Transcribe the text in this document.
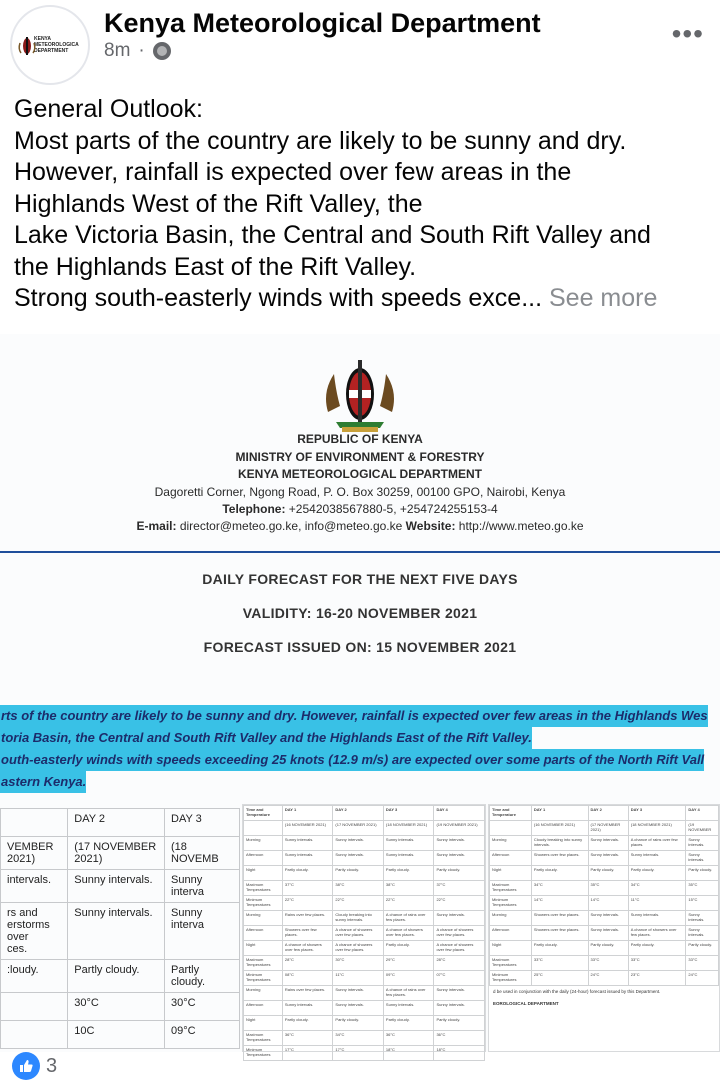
KENYA
METEOROLOGICA
DEPARTMENT
Kenya Meteorological Department
8m ·
•••

General Outlook:

Most parts of the country are likely to be sunny and dry.

However, rainfall is expected over few areas in the

Highlands West of the Rift Valley, the

Lake Victoria Basin, the Central and South Rift Valley and

the Highlands East of the Rift Valley.

Strong south-easterly winds with speeds exce... See more

REPUBLIC OF KENYA
MINISTRY OF ENVIRONMENT & FORESTRY
KENYA METEOROLOGICAL DEPARTMENT
Dagoretti Corner, Ngong Road, P. O. Box 30259, 00100 GPO, Nairobi, Kenya
Telephone: +2542038567880-5, +254724255153-4
E-mail: director@meteo.go.ke, info@meteo.go.ke Website: http://www.meteo.go.ke
DAILY FORECAST FOR THE NEXT FIVE DAYS
VALIDITY: 16-20 NOVEMBER 2021
FORECAST ISSUED ON: 15 NOVEMBER 2021
rts of the country are likely to be sunny and dry. However, rainfall is expected over few areas in the Highlands Wes
toria Basin, the Central and South Rift Valley and the Highlands East of the Rift Valley.
outh-easterly winds with speeds exceeding 25 knots (12.9 m/s) are expected over some parts of the North Rift Vall
astern Kenya.
	DAY 2	DAY 3
VEMBER 2021)	(17 NOVEMBER 2021)	(18 NOVEMB
intervals.	Sunny intervals.	Sunny interva
rs and
erstorms over
ces.	Sunny intervals.	Sunny interva
:loudy.	Partly cloudy.	Partly cloudy.
	30°C	30°C
	10C	09°C
Time and Temperature	DAY 1	DAY 2	DAY 3	DAY 4
	(16 NOVEMBER 2021)	(17 NOVEMBER 2021)	(18 NOVEMBER 2021)	(19 NOVEMBER 2021)
Morning	Sunny intervals.	Sunny intervals.	Sunny intervals.	Sunny intervals.
Afternoon	Sunny intervals.	Sunny intervals.	Sunny intervals.	Sunny intervals.
Night	Partly cloudy.	Partly cloudy.	Partly cloudy.	Partly cloudy.
Maximum Temperatures	37°C	38°C	38°C	37°C
Minimum Temperatures	22°C	22°C	22°C	22°C
Morning	Rains over few places.	Cloudy breaking into sunny intervals.	A chance of rains over few places.	Sunny intervals.
Afternoon	Showers over few places.	A chance of showers over few places.	A chance of showers over few places.	A chance of showers over few places.
Night	A chance of showers over few places.	A chance of showers over few places.	Partly cloudy.	A chance of showers over few places.
Maximum Temperatures	28°C	30°C	29°C	28°C
Minimum Temperatures	08°C	11°C	09°C	07°C
Morning	Rains over few places.	Sunny intervals.	A chance of rains over few places.	Sunny intervals.
Afternoon	Sunny intervals.	Sunny intervals.	Sunny intervals.	Sunny intervals.
Night	Partly cloudy.	Partly cloudy.	Partly cloudy.	Partly cloudy.
Maximum Temperatures	36°C	34°C	36°C	36°C
Minimum Temperatures	17°C	17°C	18°C	18°C
Time and Temperature	DAY 1	DAY 2	DAY 3	DAY 4
	(16 NOVEMBER 2021)	(17 NOVEMBER 2021)	(18 NOVEMBER 2021)	(19 NOVEMBER
Morning	Cloudy breaking into sunny intervals.	Sunny intervals.	A chance of rains over few places.	Sunny intervals.
Afternoon	Showers over few places.	Sunny intervals.	Sunny intervals.	Sunny intervals.
Night	Partly cloudy.	Partly cloudy.	Partly cloudy.	Partly cloudy.
Maximum Temperatures	34°C	35°C	34°C	35°C
Minimum Temperatures	14°C	14°C	11°C	15°C
Morning	Showers over few places.	Sunny intervals.	Sunny intervals.	Sunny intervals.
Afternoon	Showers over few places.	Sunny intervals.	A chance of showers over few places.	Sunny intervals.
Night	Partly cloudy.	Partly cloudy.	Partly cloudy.	Partly cloudy.
Maximum Temperatures	33°C	33°C	33°C	33°C
Minimum Temperatures	25°C	24°C	23°C	24°C
d be used in conjunction with the daily (24-hour) forecast issued by this Department.
EOROLOGICAL DEPARTMENT
3
